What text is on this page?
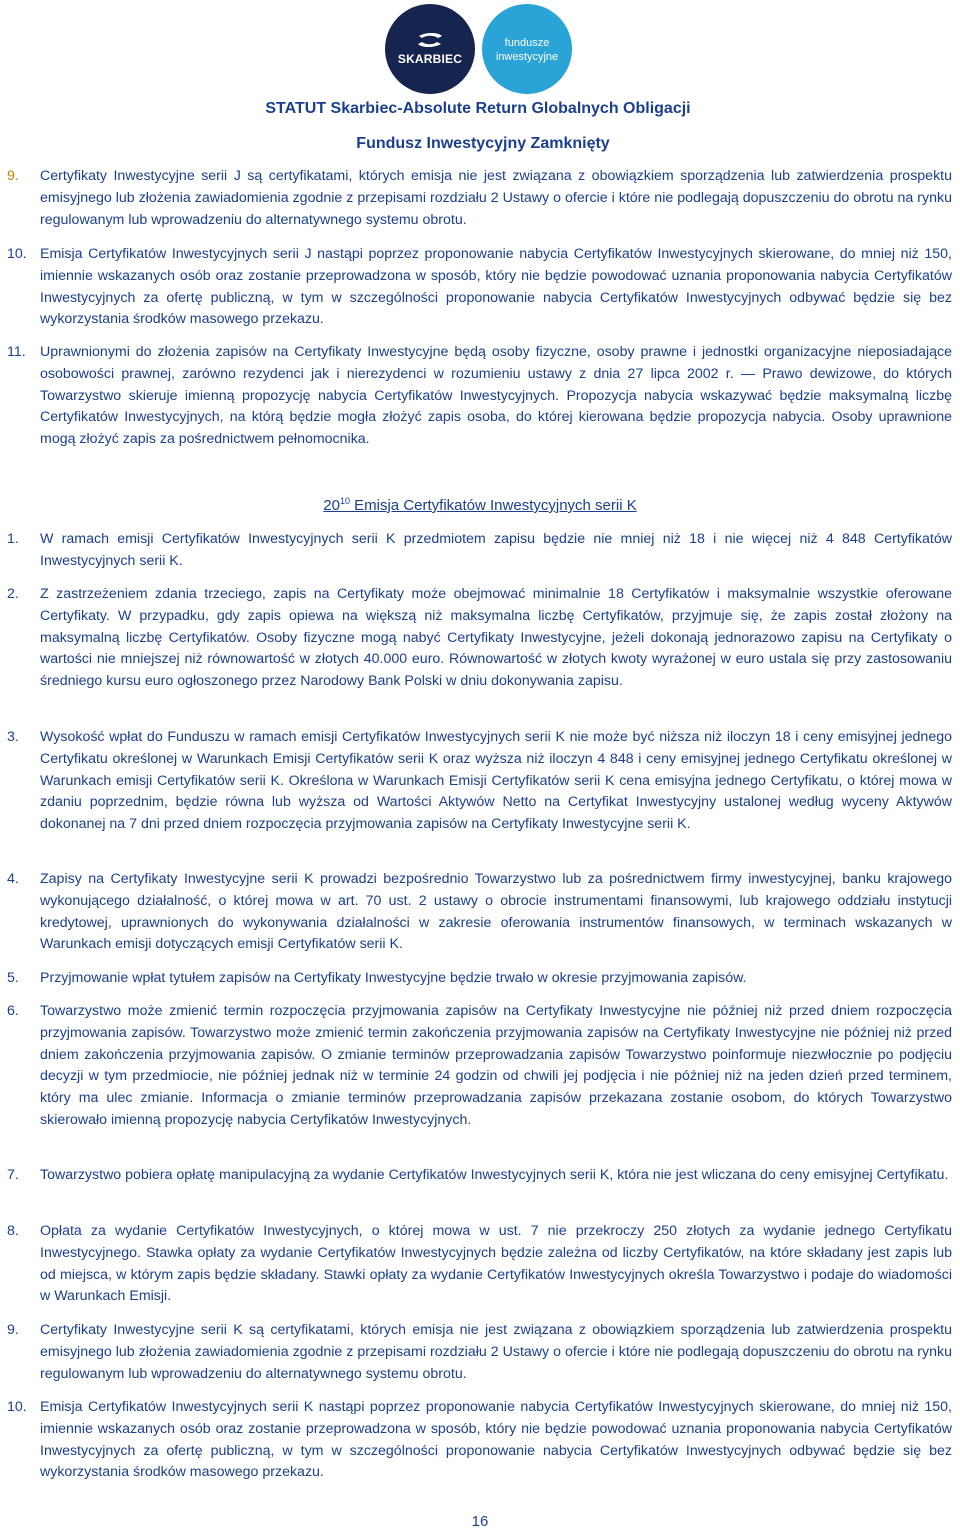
SKARBIEC
fundusze
inwestycyjne
STATUT Skarbiec-Absolute Return Globalnych Obligacji
Fundusz Inwestycyjny Zamknięty
9. Certyfikaty Inwestycyjne serii J są certyfikatami, których emisja nie jest związana z obowiązkiem sporządzenia lub zatwierdzenia prospektu emisyjnego lub złożenia zawiadomienia zgodnie z przepisami rozdziału 2 Ustawy o ofercie i które nie podlegają dopuszczeniu do obrotu na rynku regulowanym lub wprowadzeniu do alternatywnego systemu obrotu.

10. Emisja Certyfikatów Inwestycyjnych serii J nastąpi poprzez proponowanie nabycia Certyfikatów Inwestycyjnych skierowane, do mniej niż 150, imiennie wskazanych osób oraz zostanie przeprowadzona w sposób, który nie będzie powodować uznania proponowania nabycia Certyfikatów Inwestycyjnych za ofertę publiczną, w tym w szczególności proponowanie nabycia Certyfikatów Inwestycyjnych odbywać będzie się bez wykorzystania środków masowego przekazu.

11. Uprawnionymi do złożenia zapisów na Certyfikaty Inwestycyjne będą osoby fizyczne, osoby prawne i jednostki organizacyjne nieposiadające osobowości prawnej, zarówno rezydenci jak i nierezydenci w rozumieniu ustawy z dnia 27 lipca 2002 r. — Prawo dewizowe, do których Towarzystwo skieruje imienną propozycję nabycia Certyfikatów Inwestycyjnych. Propozycja nabycia wskazywać będzie maksymalną liczbę Certyfikatów Inwestycyjnych, na którą będzie mogła złożyć zapis osoba, do której kierowana będzie propozycja nabycia. Osoby uprawnione mogą złożyć zapis za pośrednictwem pełnomocnika.

$20^{10}$ Emisja Certyfikatów Inwestycyjnych serii K
1. W ramach emisji Certyfikatów Inwestycyjnych serii K przedmiotem zapisu będzie nie mniej niż 18 i nie więcej niż 4 848 Certyfikatów Inwestycyjnych serii K.

2. Z zastrzeżeniem zdania trzeciego, zapis na Certyfikaty może obejmować minimalnie 18 Certyfikatów i maksymalnie wszystkie oferowane Certyfikaty. W przypadku, gdy zapis opiewa na większą niż maksymalna liczbę Certyfikatów, przyjmuje się, że zapis został złożony na maksymalną liczbę Certyfikatów. Osoby fizyczne mogą nabyć Certyfikaty Inwestycyjne, jeżeli dokonają jednorazowo zapisu na Certyfikaty o wartości nie mniejszej niż równowartość w złotych 40.000 euro. Równowartość w złotych kwoty wyrażonej w euro ustala się przy zastosowaniu średniego kursu euro ogłoszonego przez Narodowy Bank Polski w dniu dokonywania zapisu.

3. Wysokość wpłat do Funduszu w ramach emisji Certyfikatów Inwestycyjnych serii K nie może być niższa niż iloczyn 18 i ceny emisyjnej jednego Certyfikatu określonej w Warunkach Emisji Certyfikatów serii K oraz wyższa niż iloczyn 4 848 i ceny emisyjnej jednego Certyfikatu określonej w Warunkach emisji Certyfikatów serii K. Określona w Warunkach Emisji Certyfikatów serii K cena emisyjna jednego Certyfikatu, o której mowa w zdaniu poprzednim, będzie równa lub wyższa od Wartości Aktywów Netto na Certyfikat Inwestycyjny ustalonej według wyceny Aktywów dokonanej na 7 dni przed dniem rozpoczęcia przyjmowania zapisów na Certyfikaty Inwestycyjne serii K.

4. Zapisy na Certyfikaty Inwestycyjne serii K prowadzi bezpośrednio Towarzystwo lub za pośrednictwem firmy inwestycyjnej, banku krajowego wykonującego działalność, o której mowa w art. 70 ust. 2 ustawy o obrocie instrumentami finansowymi, lub krajowego oddziału instytucji kredytowej, uprawnionych do wykonywania działalności w zakresie oferowania instrumentów finansowych, w terminach wskazanych w Warunkach emisji dotyczących emisji Certyfikatów serii K.

5. Przyjmowanie wpłat tytułem zapisów na Certyfikaty Inwestycyjne będzie trwało w okresie przyjmowania zapisów.

6. Towarzystwo może zmienić termin rozpoczęcia przyjmowania zapisów na Certyfikaty Inwestycyjne nie później niż przed dniem rozpoczęcia przyjmowania zapisów. Towarzystwo może zmienić termin zakończenia przyjmowania zapisów na Certyfikaty Inwestycyjne nie później niż przed dniem zakończenia przyjmowania zapisów. O zmianie terminów przeprowadzania zapisów Towarzystwo poinformuje niezwłocznie po podjęciu decyzji w tym przedmiocie, nie później jednak niż w terminie 24 godzin od chwili jej podjęcia i nie później niż na jeden dzień przed terminem, który ma ulec zmianie. Informacja o zmianie terminów przeprowadzania zapisów przekazana zostanie osobom, do których Towarzystwo skierowało imienną propozycję nabycia Certyfikatów Inwestycyjnych.

7. Towarzystwo pobiera opłatę manipulacyjną za wydanie Certyfikatów Inwestycyjnych serii K, która nie jest wliczana do ceny emisyjnej Certyfikatu.

8. Opłata za wydanie Certyfikatów Inwestycyjnych, o której mowa w ust. 7 nie przekroczy 250 złotych za wydanie jednego Certyfikatu Inwestycyjnego. Stawka opłaty za wydanie Certyfikatów Inwestycyjnych będzie zależna od liczby Certyfikatów, na które składany jest zapis lub od miejsca, w którym zapis będzie składany. Stawki opłaty za wydanie Certyfikatów Inwestycyjnych określa Towarzystwo i podaje do wiadomości w Warunkach Emisji.

9. Certyfikaty Inwestycyjne serii K są certyfikatami, których emisja nie jest związana z obowiązkiem sporządzenia lub zatwierdzenia prospektu emisyjnego lub złożenia zawiadomienia zgodnie z przepisami rozdziału 2 Ustawy o ofercie i które nie podlegają dopuszczeniu do obrotu na rynku regulowanym lub wprowadzeniu do alternatywnego systemu obrotu.

10. Emisja Certyfikatów Inwestycyjnych serii K nastąpi poprzez proponowanie nabycia Certyfikatów Inwestycyjnych skierowane, do mniej niż 150, imiennie wskazanych osób oraz zostanie przeprowadzona w sposób, który nie będzie powodować uznania proponowania nabycia Certyfikatów Inwestycyjnych za ofertę publiczną, w tym w szczególności proponowanie nabycia Certyfikatów Inwestycyjnych odbywać będzie się bez wykorzystania środków masowego przekazu.

16
